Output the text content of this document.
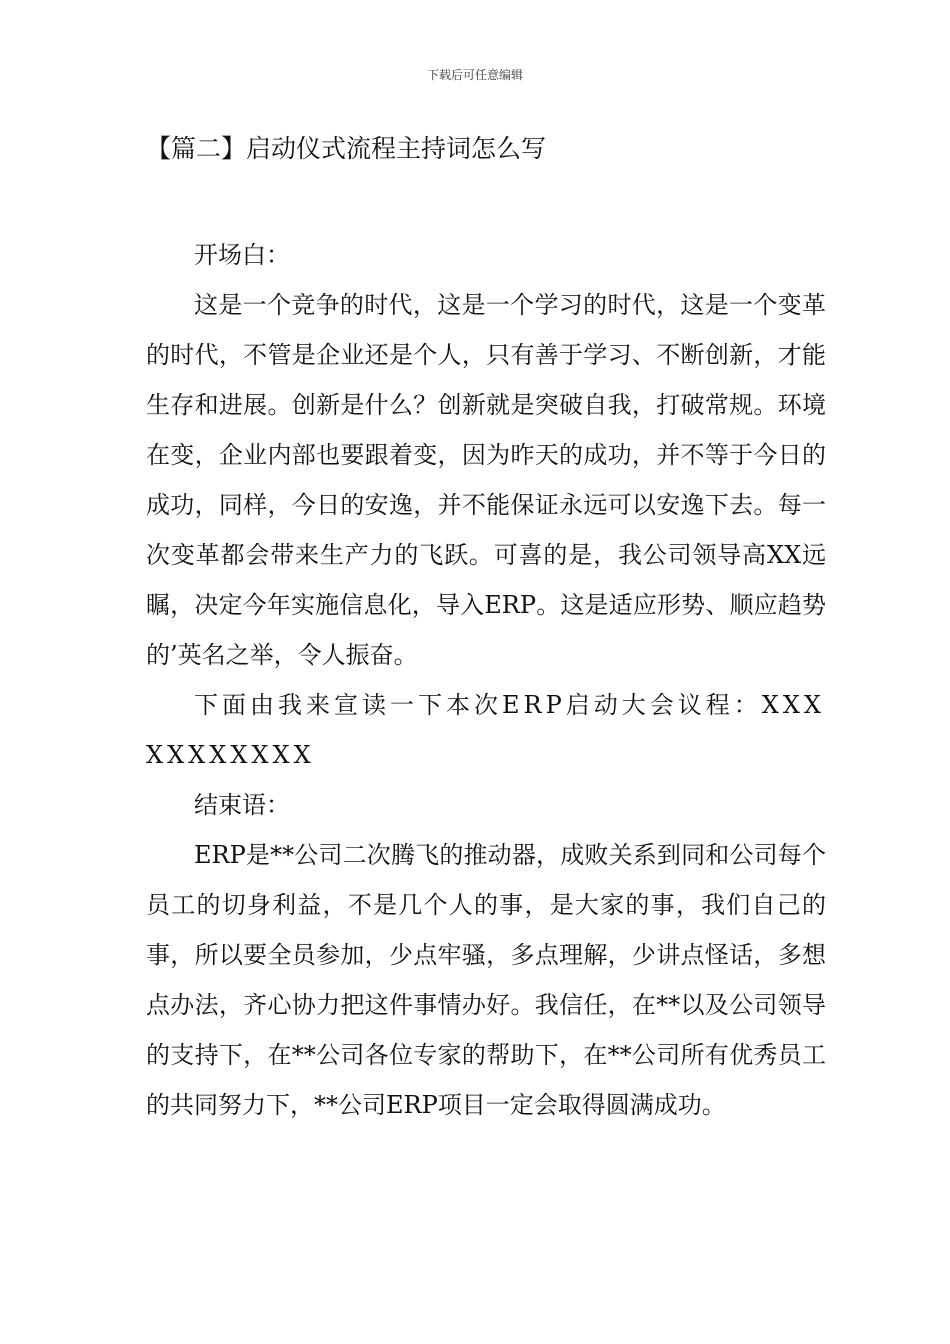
下载后可任意编辑
【篇二】启动仪式流程主持词怎么写

开场白：

这是一个竞争的时代，这是一个学习的时代，这是一个变革的时代，不管是企业还是个人，只有善于学习、不断创新，才能生存和进展。创新是什么？创新就是突破自我，打破常规。环境在变，企业内部也要跟着变，因为昨天的成功，并不等于今日的成功，同样，今日的安逸，并不能保证永远可以安逸下去。每一次变革都会带来生产力的飞跃。可喜的是，我公司领导高XX远瞩，决定今年实施信息化，导入ERP。这是适应形势、顺应趋势的’英名之举，令人振奋。

下面由我来宣读一下本次ERP启动大会议程：XXXXXXXXXXX

结束语：

ERP是**公司二次腾飞的推动器，成败关系到同和公司每个员工的切身利益，不是几个人的事，是大家的事，我们自己的事，所以要全员参加，少点牢骚，多点理解，少讲点怪话，多想点办法，齐心协力把这件事情办好。我信任，在**以及公司领导的支持下，在**公司各位专家的帮助下，在**公司所有优秀员工的共同努力下，**公司ERP项目一定会取得圆满成功。
